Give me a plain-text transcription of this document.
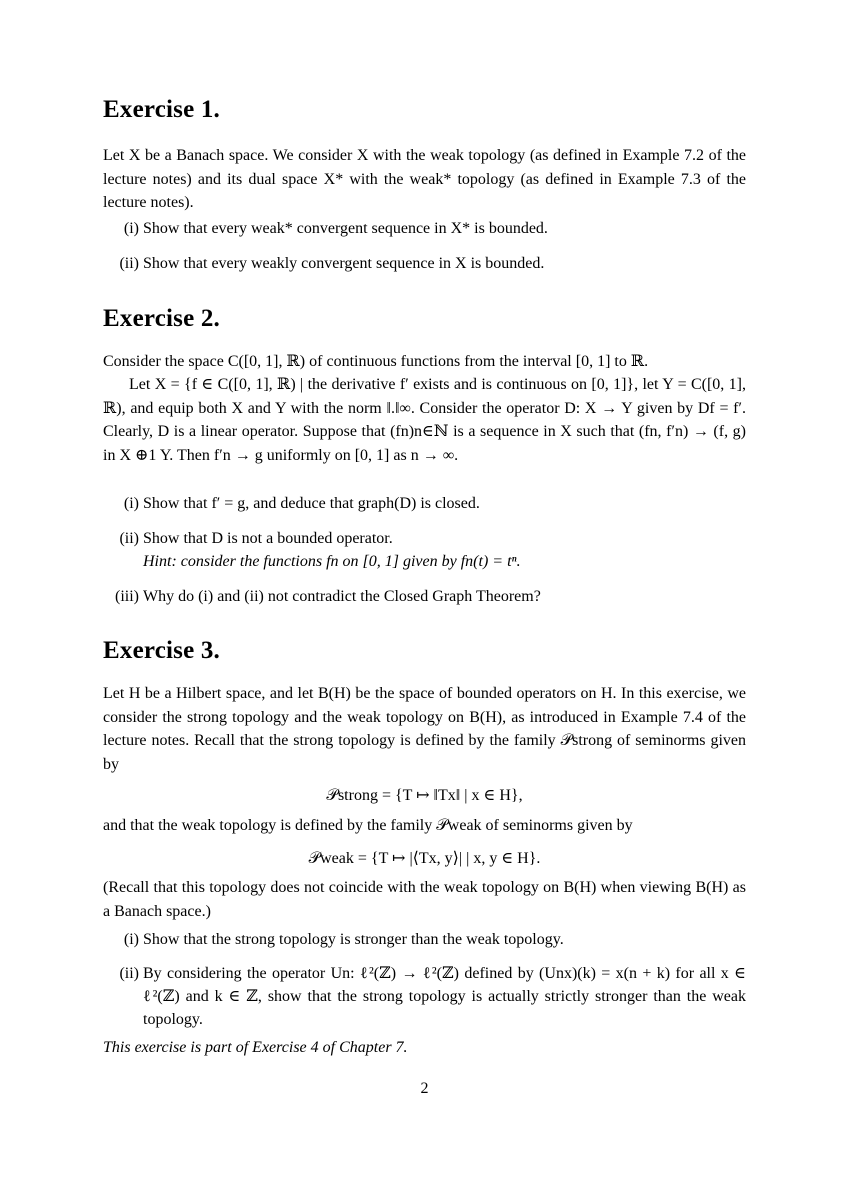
Exercise 1.
Let X be a Banach space. We consider X with the weak topology (as defined in Example 7.2 of the lecture notes) and its dual space X* with the weak* topology (as defined in Example 7.3 of the lecture notes).
(i) Show that every weak* convergent sequence in X* is bounded.
(ii) Show that every weakly convergent sequence in X is bounded.
Exercise 2.
Consider the space C([0, 1], ℝ) of continuous functions from the interval [0, 1] to ℝ.
Let X = {f ∈ C([0, 1], ℝ) | the derivative f′ exists and is continuous on [0, 1]}, let Y = C([0, 1], ℝ), and equip both X and Y with the norm ‖.‖∞. Consider the operator D: X → Y given by Df = f′. Clearly, D is a linear operator. Suppose that (fn)n∈ℕ is a sequence in X such that (fn, f′n) → (f, g) in X ⊕1 Y. Then f′n → g uniformly on [0, 1] as n → ∞.
(i) Show that f′ = g, and deduce that graph(D) is closed.
(ii) Show that D is not a bounded operator.
Hint: consider the functions fn on [0, 1] given by fn(t) = tⁿ.
(iii) Why do (i) and (ii) not contradict the Closed Graph Theorem?
Exercise 3.
Let H be a Hilbert space, and let B(H) be the space of bounded operators on H. In this exercise, we consider the strong topology and the weak topology on B(H), as introduced in Example 7.4 of the lecture notes. Recall that the strong topology is defined by the family 𝒫strong of seminorms given by
𝒫strong = {T ↦ ‖Tx‖ | x ∈ H},
and that the weak topology is defined by the family 𝒫weak of seminorms given by
𝒫weak = {T ↦ |⟨Tx, y⟩| | x, y ∈ H}.
(Recall that this topology does not coincide with the weak topology on B(H) when viewing B(H) as a Banach space.)
(i) Show that the strong topology is stronger than the weak topology.
(ii) By considering the operator Un: ℓ²(ℤ) → ℓ²(ℤ) defined by (Unx)(k) = x(n + k) for all x ∈ ℓ²(ℤ) and k ∈ ℤ, show that the strong topology is actually strictly stronger than the weak topology.
This exercise is part of Exercise 4 of Chapter 7.
2
